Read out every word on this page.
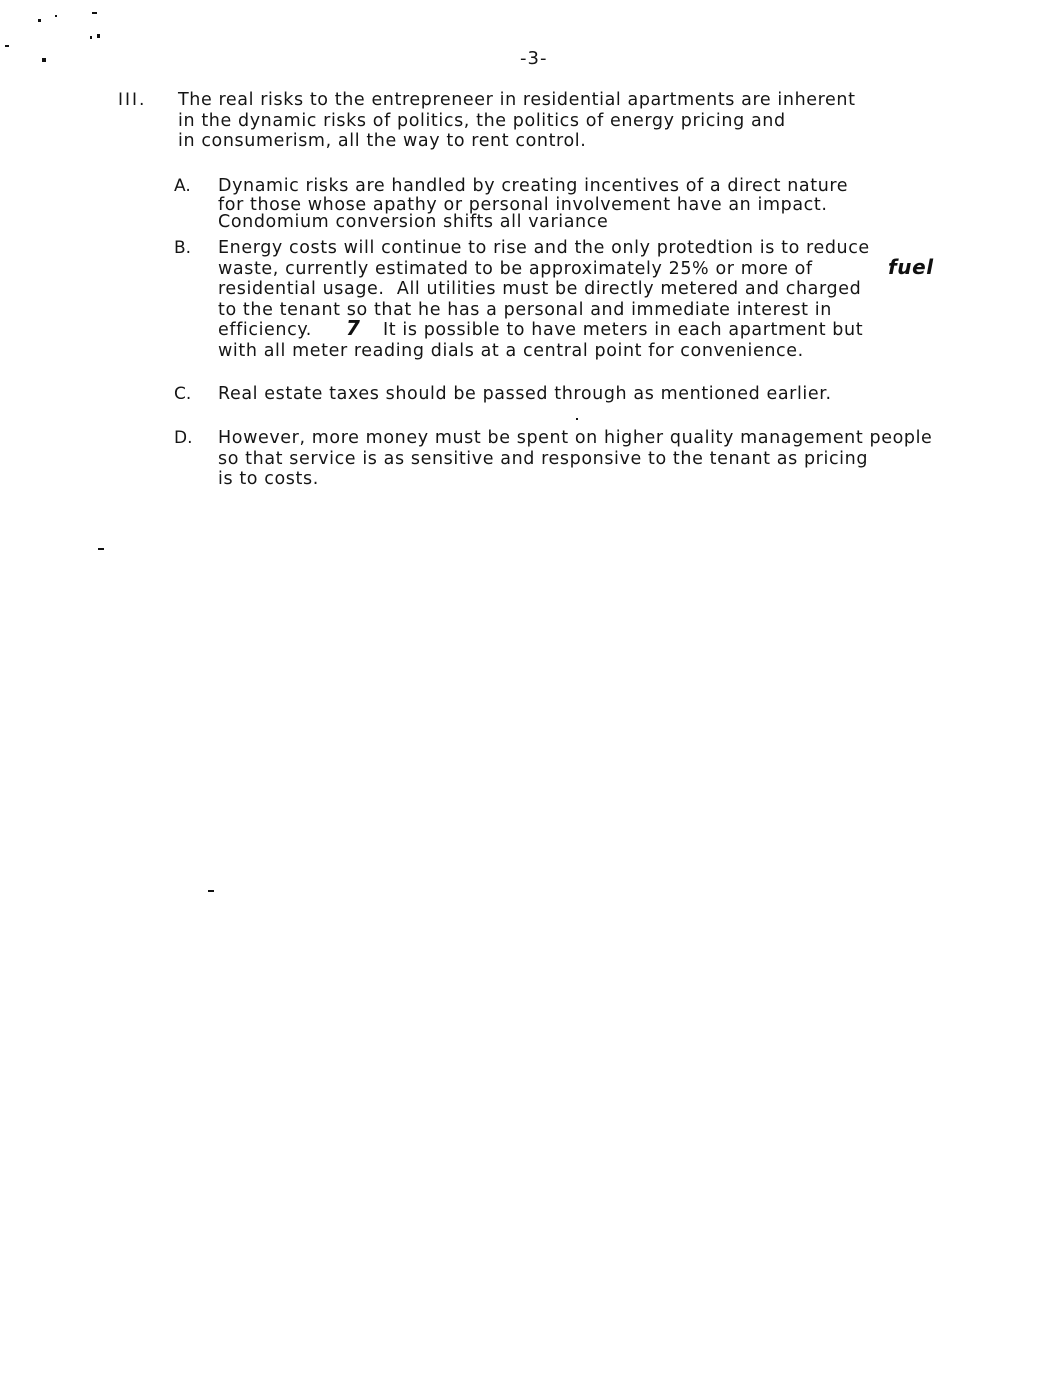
-3-
III. The real risks to the entrepreneer in residential apartments are inherent
in the dynamic risks of politics, the politics of energy pricing and
in consumerism, all the way to rent control.
A. Dynamic risks are handled by creating incentives of a direct nature
for those whose apathy or personal involvement have an impact.
Condomium conversion shifts all variance
B. Energy costs will continue to rise and the only protedtion is to reduce
waste, currently estimated to be approximately 25% or more of	fuel
residential usage.  All utilities must be directly metered and charged
to the tenant so that he has a personal and immediate interest in
efficiency. 7 It is possible to have meters in each apartment but
with all meter reading dials at a central point for convenience.
C. Real estate taxes should be passed through as mentioned earlier.
D. However, more money must be spent on higher quality management people
so that service is as sensitive and responsive to the tenant as pricing
is to costs.
